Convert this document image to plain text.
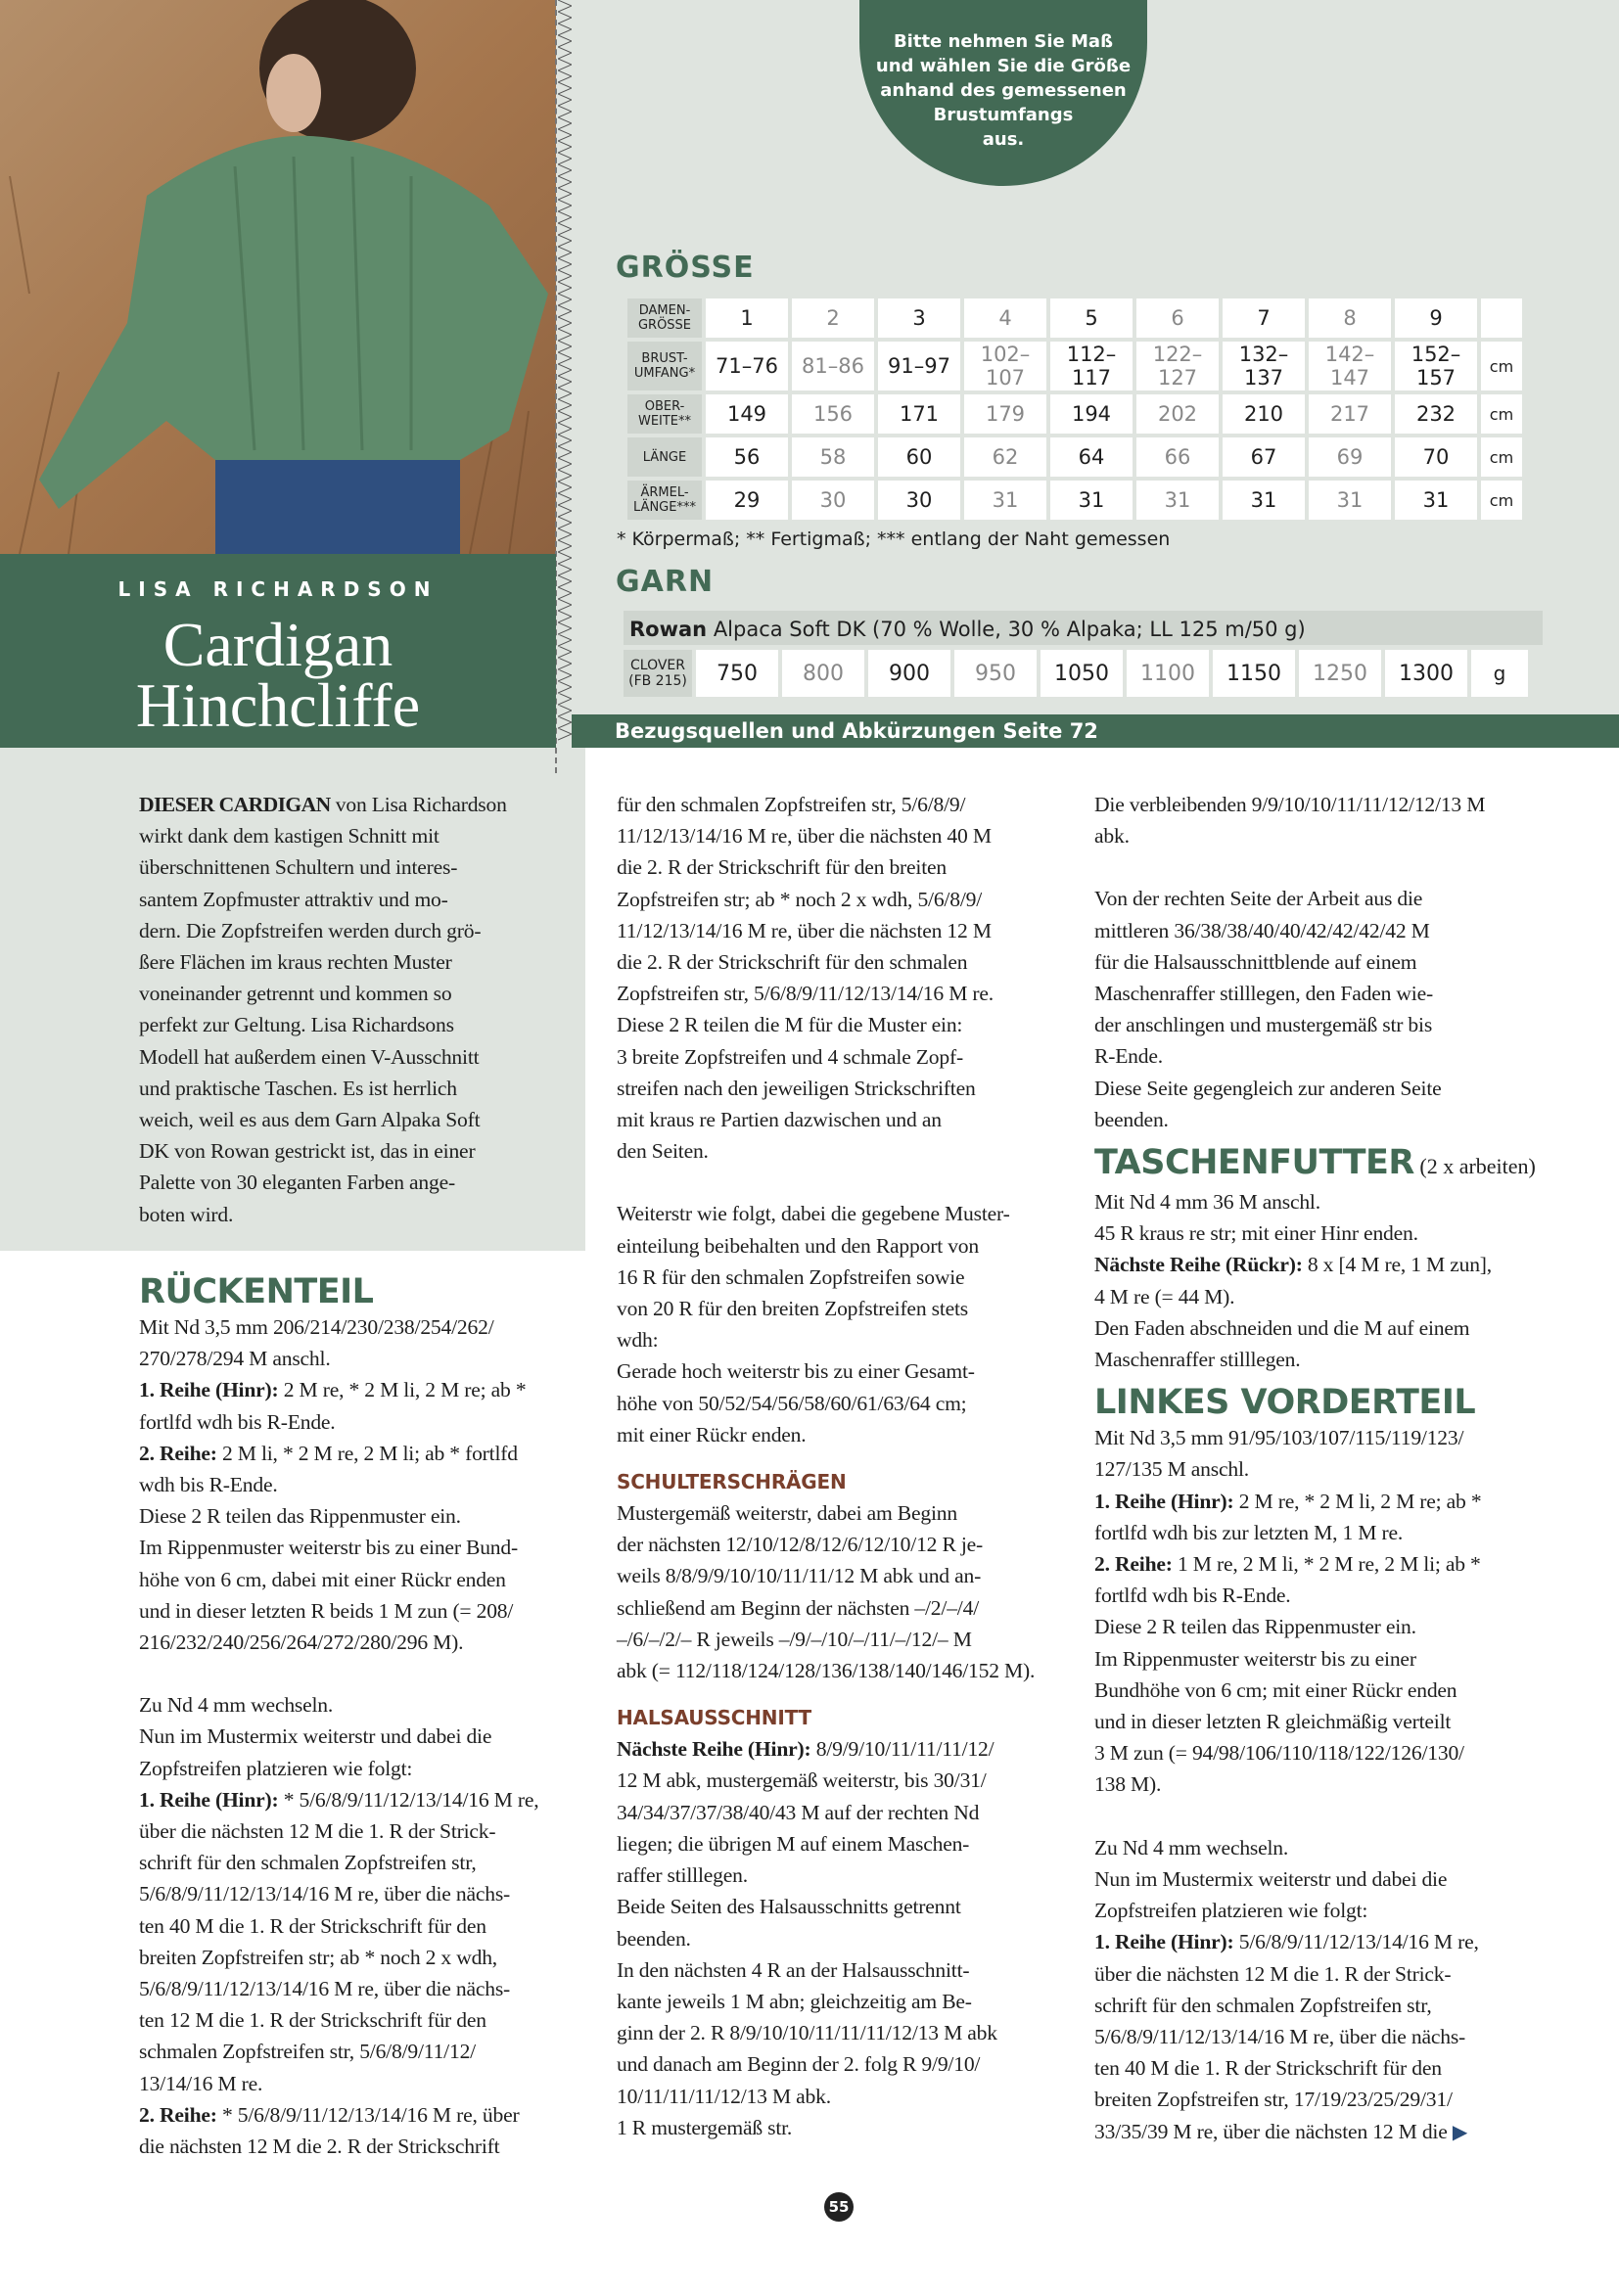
LISA RICHARDSON
Cardigan
Hinchcliffe
Bitte nehmen Sie Maß
und wählen Sie die Größe
anhand des gemessenen
Brustumfangs
aus.
GRÖSSE
DAMEN-
GRÖSSE	1	2	3	4	5	6	7	8	9	
BRUST-
UMFANG*	71–76	81–86	91–97	102–107	112–117	122–127	132–137	142–147	152–157	cm
OBER-
WEITE**	149	156	171	179	194	202	210	217	232	cm
LÄNGE	56	58	60	62	64	66	67	69	70	cm
ÄRMEL-
LÄNGE***	29	30	30	31	31	31	31	31	31	cm
* Körpermaß; ** Fertigmaß; *** entlang der Naht gemessen
GARN
Rowan Alpaca Soft DK (70 % Wolle, 30 % Alpaka; LL 125 m/50 g)
CLOVER
(FB 215)	750	800	900	950	1050	1100	1150	1250	1300	g
Bezugsquellen und Abkürzungen Seite 72

DIESER CARDIGAN von Lisa Richardson

wirkt dank dem kastigen Schnitt mit

überschnittenen Schultern und interes-

santem Zopfmuster attraktiv und mo-

dern. Die Zopfstreifen werden durch grö-

ßere Flächen im kraus rechten Muster

voneinander getrennt und kommen so

perfekt zur Geltung. Lisa Richardsons

Modell hat außerdem einen V-Ausschnitt

und praktische Taschen. Es ist herrlich

weich, weil es aus dem Garn Alpaka Soft

DK von Rowan gestrickt ist, das in einer

Palette von 30 eleganten Farben ange-

boten wird.

RÜCKENTEIL

Mit Nd 3,5 mm 206/214/230/238/254/262/

270/278/294 M anschl.

1. Reihe (Hinr): 2 M re, * 2 M li, 2 M re; ab *

fortlfd wdh bis R-Ende.

2. Reihe: 2 M li, * 2 M re, 2 M li; ab * fortlfd

wdh bis R-Ende.

Diese 2 R teilen das Rippenmuster ein.

Im Rippenmuster weiterstr bis zu einer Bund-

höhe von 6 cm, dabei mit einer Rückr enden

und in dieser letzten R beids 1 M zun (= 208/

216/232/240/256/264/272/280/296 M).

Zu Nd 4 mm wechseln.

Nun im Mustermix weiterstr und dabei die

Zopfstreifen platzieren wie folgt:

1. Reihe (Hinr): * 5/6/8/9/11/12/13/14/16 M re,

über die nächsten 12 M die 1. R der Strick-

schrift für den schmalen Zopfstreifen str,

5/6/8/9/11/12/13/14/16 M re, über die nächs-

ten 40 M die 1. R der Strickschrift für den

breiten Zopfstreifen str; ab * noch 2 x wdh,

5/6/8/9/11/12/13/14/16 M re, über die nächs-

ten 12 M die 1. R der Strickschrift für den

schmalen Zopfstreifen str, 5/6/8/9/11/12/

13/14/16 M re.

2. Reihe: * 5/6/8/9/11/12/13/14/16 M re, über

die nächsten 12 M die 2. R der Strickschrift

für den schmalen Zopfstreifen str, 5/6/8/9/

11/12/13/14/16 M re, über die nächsten 40 M

die 2. R der Strickschrift für den breiten

Zopfstreifen str; ab * noch 2 x wdh, 5/6/8/9/

11/12/13/14/16 M re, über die nächsten 12 M

die 2. R der Strickschrift für den schmalen

Zopfstreifen str, 5/6/8/9/11/12/13/14/16 M re.

Diese 2 R teilen die M für die Muster ein:

3 breite Zopfstreifen und 4 schmale Zopf-

streifen nach den jeweiligen Strickschriften

mit kraus re Partien dazwischen und an

den Seiten.

Weiterstr wie folgt, dabei die gegebene Muster-

einteilung beibehalten und den Rapport von

16 R für den schmalen Zopfstreifen sowie

von 20 R für den breiten Zopfstreifen stets

wdh:

Gerade hoch weiterstr bis zu einer Gesamt-

höhe von 50/52/54/56/58/60/61/63/64 cm;

mit einer Rückr enden.

SCHULTERSCHRÄGEN

Mustergemäß weiterstr, dabei am Beginn

der nächsten 12/10/12/8/12/6/12/10/12 R je-

weils 8/8/9/9/10/10/11/11/12 M abk und an-

schließend am Beginn der nächsten –/2/–/4/

–/6/–/2/– R jeweils –/9/–/10/–/11/–/12/– M

abk (= 112/118/124/128/136/138/140/146/152 M).

HALSAUSSCHNITT

Nächste Reihe (Hinr): 8/9/9/10/11/11/11/12/

12 M abk, mustergemäß weiterstr, bis 30/31/

34/34/37/37/38/40/43 M auf der rechten Nd

liegen; die übrigen M auf einem Maschen-

raffer stilllegen.

Beide Seiten des Halsausschnitts getrennt

beenden.

In den nächsten 4 R an der Halsausschnitt-

kante jeweils 1 M abn; gleichzeitig am Be-

ginn der 2. R 8/9/10/10/11/11/11/12/13 M abk

und danach am Beginn der 2. folg R 9/9/10/

10/11/11/11/12/13 M abk.

1 R mustergemäß str.

Die verbleibenden 9/9/10/10/11/11/12/12/13 M

abk.

Von der rechten Seite der Arbeit aus die

mittleren 36/38/38/40/40/42/42/42/42 M

für die Halsausschnittblende auf einem

Maschenraffer stilllegen, den Faden wie-

der anschlingen und mustergemäß str bis

R-Ende.

Diese Seite gegengleich zur anderen Seite

beenden.

TASCHENFUTTER (2 x arbeiten)

Mit Nd 4 mm 36 M anschl.

45 R kraus re str; mit einer Hinr enden.

Nächste Reihe (Rückr): 8 x [4 M re, 1 M zun],

4 M re (= 44 M).

Den Faden abschneiden und die M auf einem

Maschenraffer stilllegen.

LINKES VORDERTEIL

Mit Nd 3,5 mm 91/95/103/107/115/119/123/

127/135 M anschl.

1. Reihe (Hinr): 2 M re, * 2 M li, 2 M re; ab *

fortlfd wdh bis zur letzten M, 1 M re.

2. Reihe: 1 M re, 2 M li, * 2 M re, 2 M li; ab *

fortlfd wdh bis R-Ende.

Diese 2 R teilen das Rippenmuster ein.

Im Rippenmuster weiterstr bis zu einer

Bundhöhe von 6 cm; mit einer Rückr enden

und in dieser letzten R gleichmäßig verteilt

3 M zun (= 94/98/106/110/118/122/126/130/

138 M).

Zu Nd 4 mm wechseln.

Nun im Mustermix weiterstr und dabei die

Zopfstreifen platzieren wie folgt:

1. Reihe (Hinr): 5/6/8/9/11/12/13/14/16 M re,

über die nächsten 12 M die 1. R der Strick-

schrift für den schmalen Zopfstreifen str,

5/6/8/9/11/12/13/14/16 M re, über die nächs-

ten 40 M die 1. R der Strickschrift für den

breiten Zopfstreifen str, 17/19/23/25/29/31/

33/35/39 M re, über die nächsten 12 M die ▶

55
